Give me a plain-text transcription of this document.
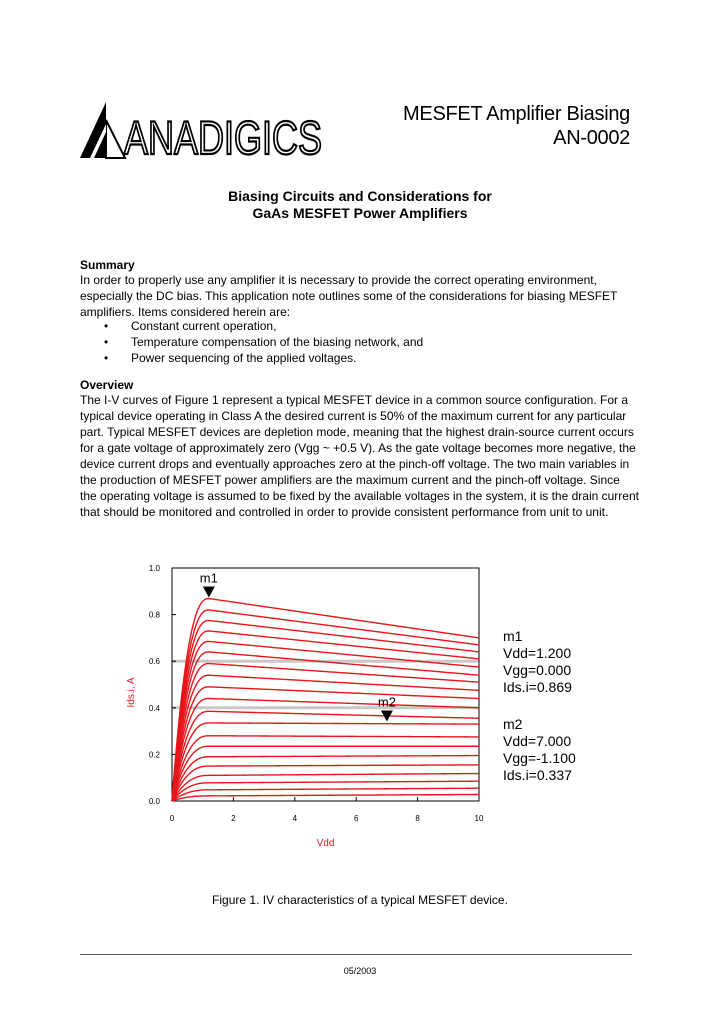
ANADIGICS	MESFET Amplifier Biasing
AN-0002
Biasing Circuits and Considerations for
GaAs MESFET Power Amplifiers
Summary
In order to properly use any amplifier it is necessary to provide the correct operating environment,
especially the DC bias. This application note outlines some of the considerations for biasing MESFET
amplifiers. Items considered herein are:
• Constant current operation,
• Temperature compensation of the biasing network, and
• Power sequencing of the applied voltages.
Overview
The I-V curves of Figure 1 represent a typical MESFET device in a common source configuration. For a
typical device operating in Class A the desired current is 50% of the maximum current for any particular
part. Typical MESFET devices are depletion mode, meaning that the highest drain-source current occurs
for a gate voltage of approximately zero (Vgg ~ +0.5 V). As the gate voltage becomes more negative, the
device current drops and eventually approaches zero at the pinch-off voltage. The two main variables in
the production of MESFET power amplifiers are the maximum current and the pinch-off voltage. Since
the operating voltage is assumed to be fixed by the available voltages in the system, it is the drain current
that should be monitored and controlled in order to provide consistent performance from unit to unit.
0.0
0.2
0.4
0.6
0.8
1.0
0	2	4	6	8	10
Vdd
Ids.i, A
m1
m2
m1
Vdd=1.200
Vgg=0.000
Ids.i=0.869
m2
Vdd=7.000
Vgg=-1.100
Ids.i=0.337
Figure 1. IV characteristics of a typical MESFET device.
05/2003
